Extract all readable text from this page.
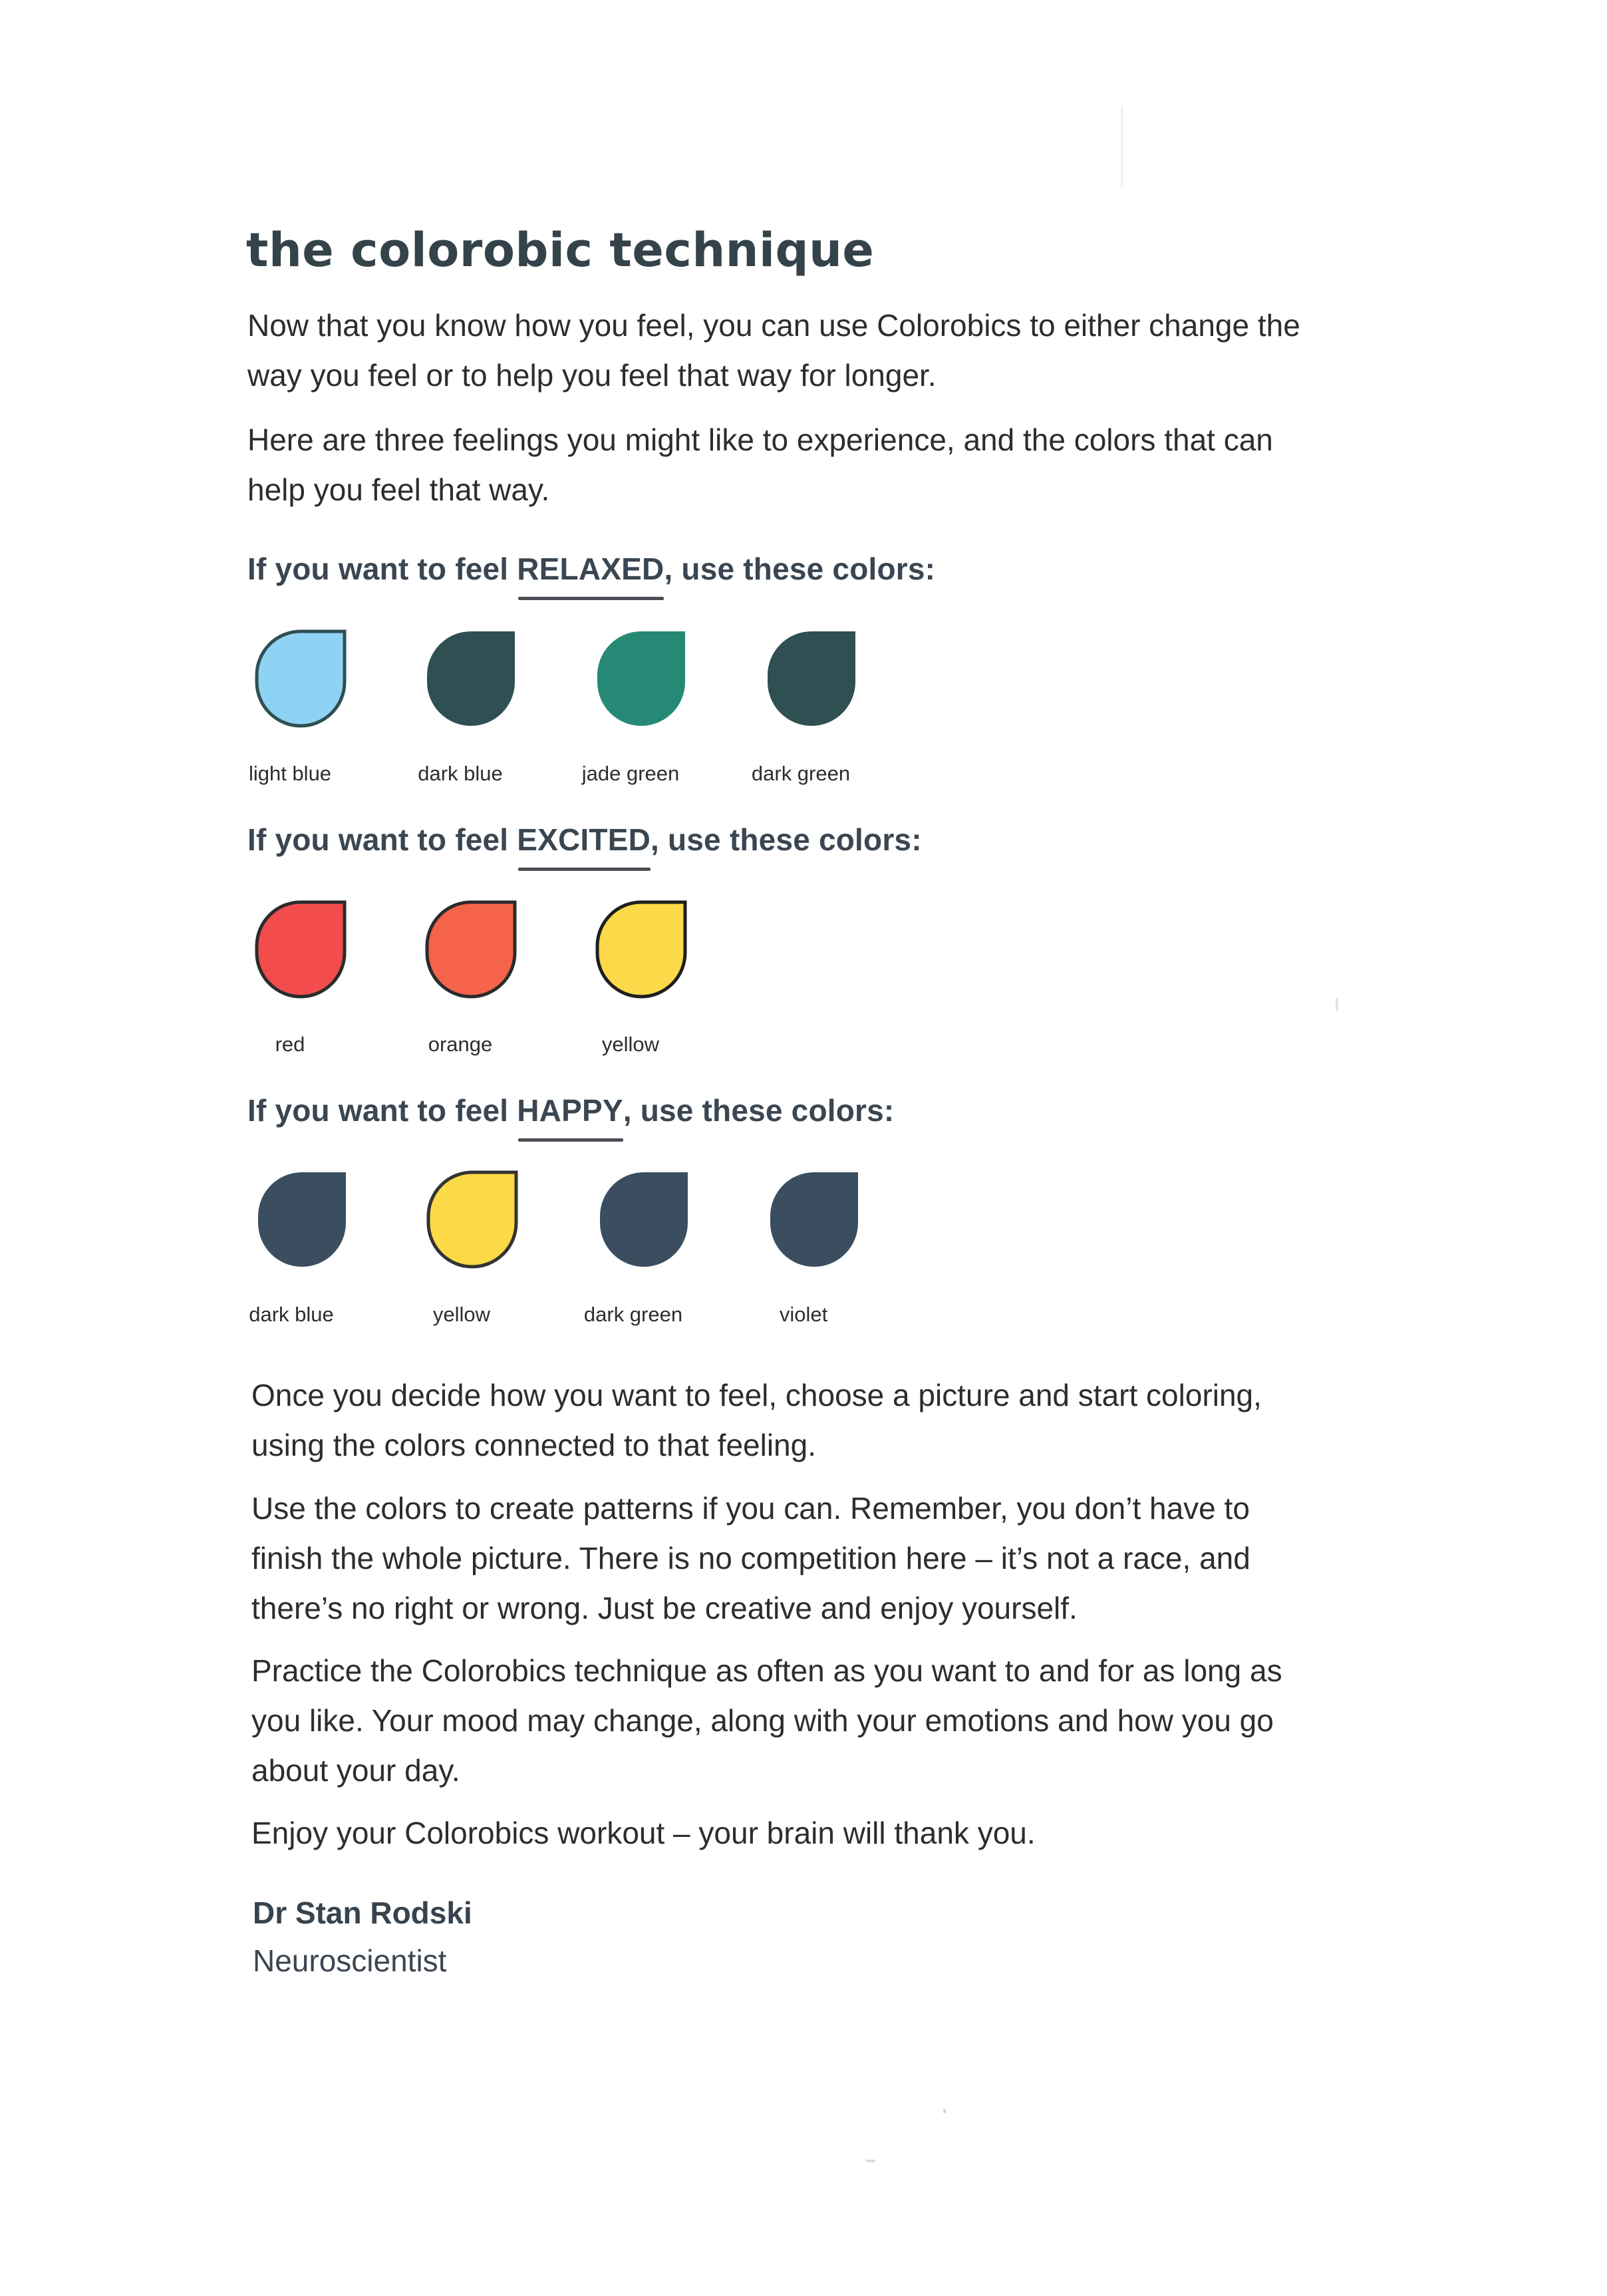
the colorobic technique

Now that you know how you feel, you can use Colorobics to either change the
way you feel or to help you feel that way for longer.

Here are three feelings you might like to experience, and the colors that can
help you feel that way.

If you want to feel RELAXED, use these colors:
light blue	dark blue	jade green	dark green
If you want to feel EXCITED, use these colors:
red	orange	yellow
If you want to feel HAPPY, use these colors:
dark blue	yellow	dark green	violet

Once you decide how you want to feel, choose a picture and start coloring,
using the colors connected to that feeling.

Use the colors to create patterns if you can. Remember, you don’t have to
finish the whole picture. There is no competition here – it’s not a race, and
there’s no right or wrong. Just be creative and enjoy yourself.

Practice the Colorobics technique as often as you want to and for as long as
you like. Your mood may change, along with your emotions and how you go
about your day.

Enjoy your Colorobics workout – your brain will thank you.

Dr Stan Rodski

Neuroscientist
